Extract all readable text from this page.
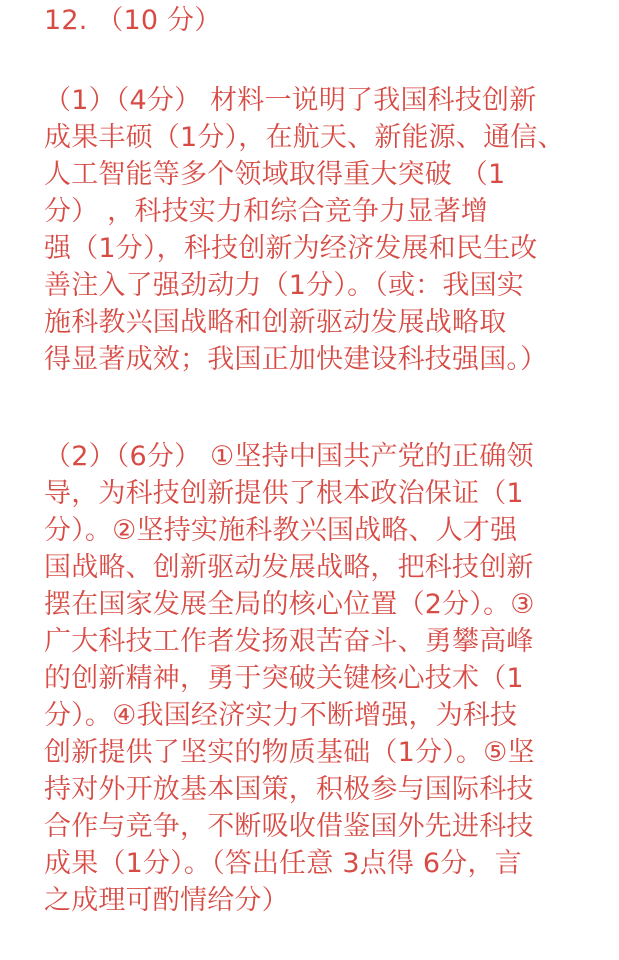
12. （10 分）

（1）（4分） 材料一说明了我国科技创新

成果丰硕（1分），在航天、新能源、通信、

人工智能等多个领域取得重大突破 （1

分） ，科技实力和综合竞争力显著增

强（1分），科技创新为经济发展和民生改

善注入了强劲动力（1分）。（或：我国实

施科教兴国战略和创新驱动发展战略取

得显著成效；我国正加快建设科技强国。）

（2）（6分） ①坚持中国共产党的正确领

导，为科技创新提供了根本政治保证（1

分）。②坚持实施科教兴国战略、人才强

国战略、创新驱动发展战略，把科技创新

摆在国家发展全局的核心位置（2分）。③

广大科技工作者发扬艰苦奋斗、勇攀高峰

的创新精神，勇于突破关键核心技术（1

分）。④我国经济实力不断增强，为科技

创新提供了坚实的物质基础（1分）。⑤坚

持对外开放基本国策，积极参与国际科技

合作与竞争，不断吸收借鉴国外先进科技

成果（1分）。（答出任意 3点得 6分，言

之成理可酌情给分）
